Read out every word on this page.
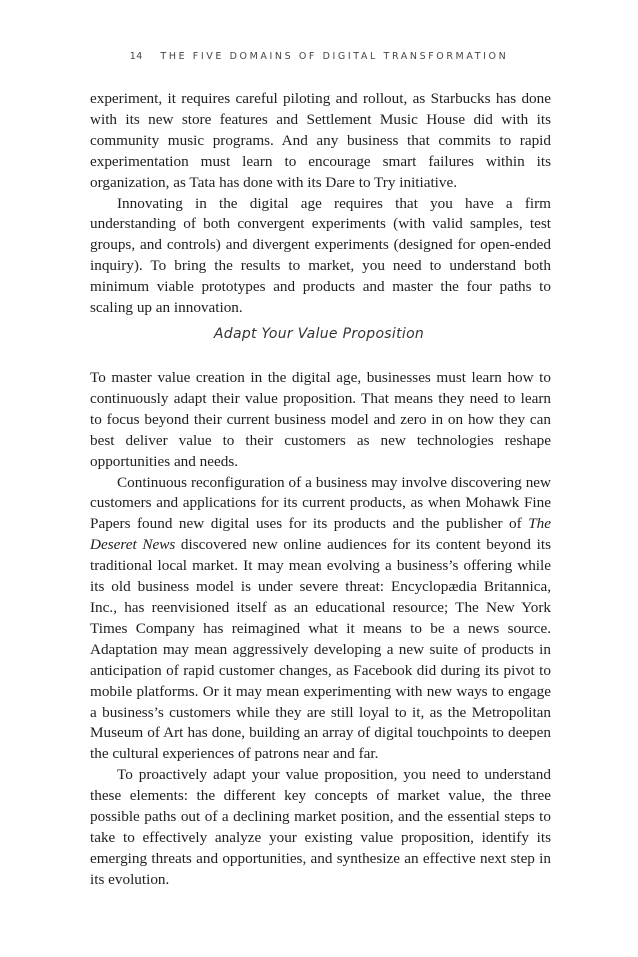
14 THE FIVE DOMAINS OF DIGITAL TRANSFORMATION

experiment, it requires careful piloting and rollout, as Starbucks has done with its new store features and Settlement Music House did with its community music programs. And any business that commits to rapid experimentation must learn to encourage smart failures within its organization, as Tata has done with its Dare to Try initiative.

Innovating in the digital age requires that you have a firm understanding of both convergent experiments (with valid samples, test groups, and controls) and divergent experiments (designed for open-ended inquiry). To bring the results to market, you need to understand both minimum viable prototypes and products and master the four paths to scaling up an innovation.

Adapt Your Value Proposition

To master value creation in the digital age, businesses must learn how to continuously adapt their value proposition. That means they need to learn to focus beyond their current business model and zero in on how they can best deliver value to their customers as new technologies reshape opportunities and needs.

Continuous reconfiguration of a business may involve discovering new customers and applications for its current products, as when Mohawk Fine Papers found new digital uses for its products and the publisher of The Deseret News discovered new online audiences for its content beyond its traditional local market. It may mean evolving a business’s offering while its old business model is under severe threat: Encyclopædia Britannica, Inc., has reenvisioned itself as an educational resource; The New York Times Company has reimagined what it means to be a news source. Adaptation may mean aggressively developing a new suite of products in anticipation of rapid customer changes, as Facebook did during its pivot to mobile platforms. Or it may mean experimenting with new ways to engage a business’s customers while they are still loyal to it, as the Metropolitan Museum of Art has done, building an array of digital touchpoints to deepen the cultural experiences of patrons near and far.

To proactively adapt your value proposition, you need to understand these elements: the different key concepts of market value, the three possible paths out of a declining market position, and the essential steps to take to effectively analyze your existing value proposition, identify its emerging threats and opportunities, and synthesize an effective next step in its evolution.
